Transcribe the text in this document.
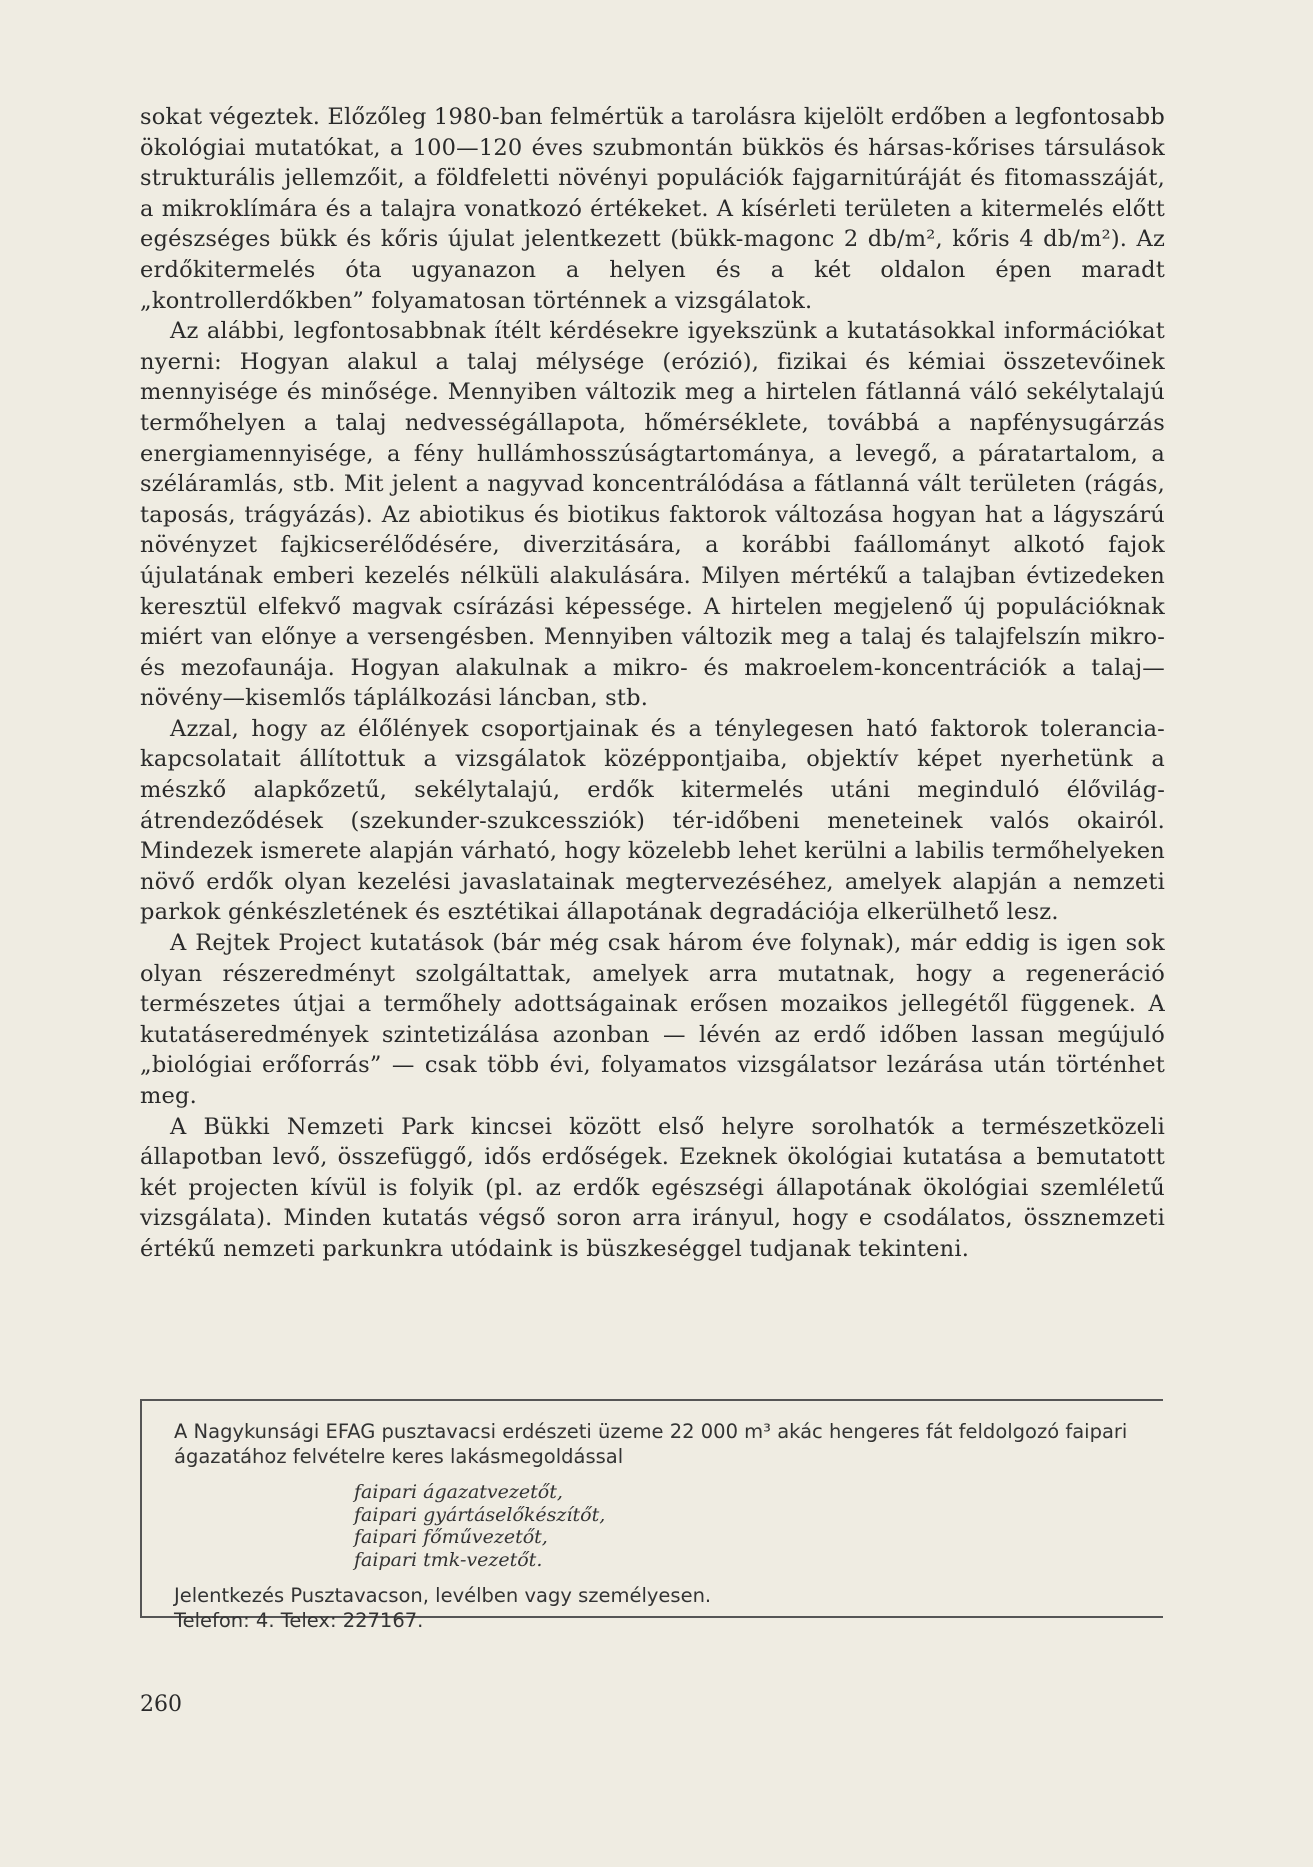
sokat végeztek. Előzőleg 1980-ban felmértük a tarolásra kijelölt erdőben a legfontosabb ökológiai mutatókat, a 100—120 éves szubmontán bükkös és hársas-kőrises társulások strukturális jellemzőit, a földfeletti növényi populációk fajgarnitúráját és fitomasszáját, a mikroklímára és a talajra vonatkozó értékeket. A kísérleti területen a kitermelés előtt egészséges bükk és kőris újulat jelentkezett (bükk-magonc 2 db/m², kőris 4 db/m²). Az erdőkitermelés óta ugyanazon a helyen és a két oldalon épen maradt „kontrollerdőkben” folyamatosan történnek a vizsgálatok.

Az alábbi, legfontosabbnak ítélt kérdésekre igyekszünk a kutatásokkal információkat nyerni: Hogyan alakul a talaj mélysége (erózió), fizikai és kémiai összetevőinek mennyisége és minősége. Mennyiben változik meg a hirtelen fátlanná váló sekélytalajú termőhelyen a talaj nedvességállapota, hőmérséklete, továbbá a napfénysugárzás energiamennyisége, a fény hullámhosszúságtartománya, a levegő, a páratartalom, a széláramlás, stb. Mit jelent a nagyvad koncentrálódása a fátlanná vált területen (rágás, taposás, trágyázás). Az abiotikus és biotikus faktorok változása hogyan hat a lágyszárú növényzet fajkicserélődésére, diverzitására, a korábbi faállományt alkotó fajok újulatának emberi kezelés nélküli alakulására. Milyen mértékű a talajban évtizedeken keresztül elfekvő magvak csírázási képessége. A hirtelen megjelenő új populációknak miért van előnye a versengésben. Mennyiben változik meg a talaj és talajfelszín mikro- és mezofaunája. Hogyan alakulnak a mikro- és makroelem-koncentrációk a talaj—növény—kisemlős táplálkozási láncban, stb.

Azzal, hogy az élőlények csoportjainak és a ténylegesen ható faktorok tolerancia-kapcsolatait állítottuk a vizsgálatok középpontjaiba, objektív képet nyerhetünk a mészkő alapkőzetű, sekélytalajú, erdők kitermelés utáni meginduló élővilág-átrendeződések (szekunder-szukcessziók) tér-időbeni meneteinek valós okairól. Mindezek ismerete alapján várható, hogy közelebb lehet kerülni a labilis termőhelyeken növő erdők olyan kezelési javaslatainak megtervezéséhez, amelyek alapján a nemzeti parkok génkészletének és esztétikai állapotának degradációja elkerülhető lesz.

A Rejtek Project kutatások (bár még csak három éve folynak), már eddig is igen sok olyan részeredményt szolgáltattak, amelyek arra mutatnak, hogy a regeneráció természetes útjai a termőhely adottságainak erősen mozaikos jellegétől függenek. A kutatáseredmények szintetizálása azonban — lévén az erdő időben lassan megújuló „biológiai erőforrás” — csak több évi, folyamatos vizsgálatsor lezárása után történhet meg.

A Bükki Nemzeti Park kincsei között első helyre sorolhatók a természetközeli állapotban levő, összefüggő, idős erdőségek. Ezeknek ökológiai kutatása a bemutatott két projecten kívül is folyik (pl. az erdők egészségi állapotának ökológiai szemléletű vizsgálata). Minden kutatás végső soron arra irányul, hogy e csodálatos, össznemzeti értékű nemzeti parkunkra utódaink is büszkeséggel tudjanak tekinteni.

A Nagykunsági EFAG pusztavacsi erdészeti üzeme 22 000 m³ akác hengeres fát feldolgozó faipari ágazatához felvételre keres lakásmegoldással

faipari ágazatvezetőt,
faipari gyártáselőkészítőt,
faipari főművezetőt,
faipari tmk-vezetőt.

Jelentkezés Pusztavacson, levélben vagy személyesen.

Telefon: 4. Telex: 227167.

260
